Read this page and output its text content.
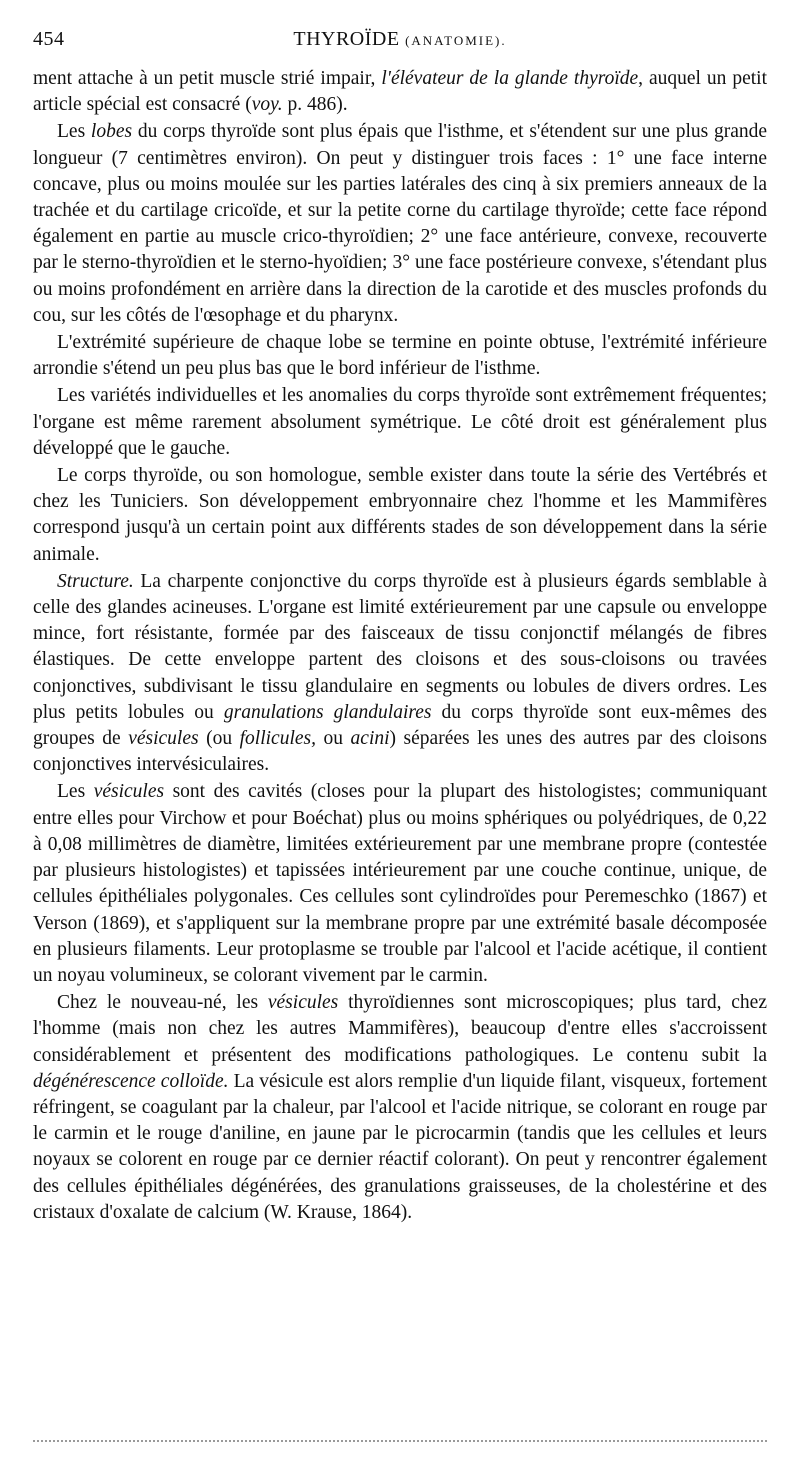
454	THYROÏDE (ANATOMIE).

ment attache à un petit muscle strié impair, l'élévateur de la glande thyroïde, auquel un petit article spécial est consacré (voy. p. 486).

Les lobes du corps thyroïde sont plus épais que l'isthme, et s'étendent sur une plus grande longueur (7 centimètres environ). On peut y distinguer trois faces : 1° une face interne concave, plus ou moins moulée sur les parties latérales des cinq à six premiers anneaux de la trachée et du cartilage cricoïde, et sur la petite corne du cartilage thyroïde; cette face répond également en partie au muscle crico-thyroïdien; 2° une face antérieure, convexe, recouverte par le sterno-thyroïdien et le sterno-hyoïdien; 3° une face postérieure convexe, s'étendant plus ou moins profondément en arrière dans la direction de la carotide et des muscles profonds du cou, sur les côtés de l'œsophage et du pharynx.

L'extrémité supérieure de chaque lobe se termine en pointe obtuse, l'extrémité inférieure arrondie s'étend un peu plus bas que le bord inférieur de l'isthme.

Les variétés individuelles et les anomalies du corps thyroïde sont extrêmement fréquentes; l'organe est même rarement absolument symétrique. Le côté droit est généralement plus développé que le gauche.

Le corps thyroïde, ou son homologue, semble exister dans toute la série des Vertébrés et chez les Tuniciers. Son développement embryonnaire chez l'homme et les Mammifères correspond jusqu'à un certain point aux différents stades de son développement dans la série animale.

Structure. La charpente conjonctive du corps thyroïde est à plusieurs égards semblable à celle des glandes acineuses. L'organe est limité extérieurement par une capsule ou enveloppe mince, fort résistante, formée par des faisceaux de tissu conjonctif mélangés de fibres élastiques. De cette enveloppe partent des cloisons et des sous-cloisons ou travées conjonctives, subdivisant le tissu glandulaire en segments ou lobules de divers ordres. Les plus petits lobules ou granulations glandulaires du corps thyroïde sont eux-mêmes des groupes de vésicules (ou follicules, ou acini) séparées les unes des autres par des cloisons conjonctives intervésiculaires.

Les vésicules sont des cavités (closes pour la plupart des histologistes; communiquant entre elles pour Virchow et pour Boéchat) plus ou moins sphériques ou polyédriques, de 0,22 à 0,08 millimètres de diamètre, limitées extérieurement par une membrane propre (contestée par plusieurs histologistes) et tapissées intérieurement par une couche continue, unique, de cellules épithéliales polygonales. Ces cellules sont cylindroïdes pour Peremeschko (1867) et Verson (1869), et s'appliquent sur la membrane propre par une extrémité basale décomposée en plusieurs filaments. Leur protoplasme se trouble par l'alcool et l'acide acétique, il contient un noyau volumineux, se colorant vivement par le carmin.

Chez le nouveau-né, les vésicules thyroïdiennes sont microscopiques; plus tard, chez l'homme (mais non chez les autres Mammifères), beaucoup d'entre elles s'accroissent considérablement et présentent des modifications pathologiques. Le contenu subit la dégénérescence colloïde. La vésicule est alors remplie d'un liquide filant, visqueux, fortement réfringent, se coagulant par la chaleur, par l'alcool et l'acide nitrique, se colorant en rouge par le carmin et le rouge d'aniline, en jaune par le picrocarmin (tandis que les cellules et leurs noyaux se colorent en rouge par ce dernier réactif colorant). On peut y rencontrer également des cellules épithéliales dégénérées, des granulations graisseuses, de la cholestérine et des cristaux d'oxalate de calcium (W. Krause, 1864).
